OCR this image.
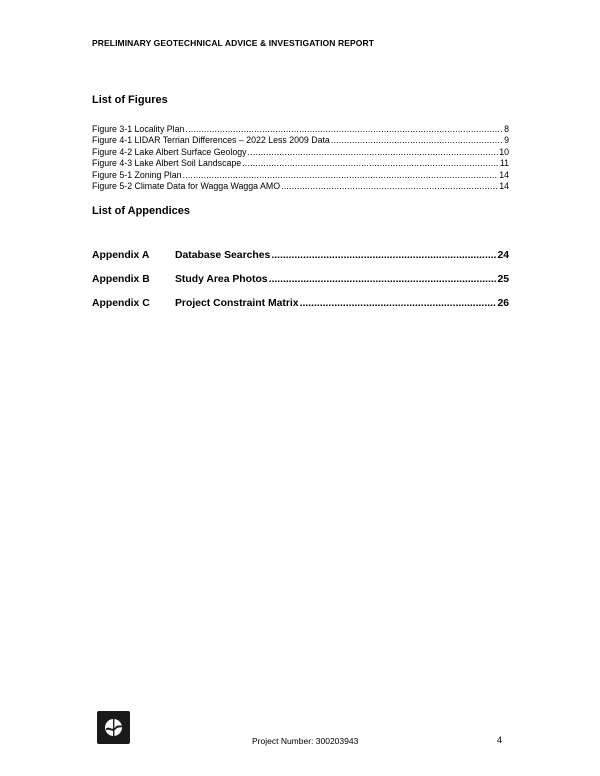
PRELIMINARY GEOTECHNICAL ADVICE & INVESTIGATION REPORT
List of Figures
Figure 3-1 Locality Plan .....	8
Figure 4-1 LIDAR Terrian Differences – 2022 Less 2009 Data .....	9
Figure 4-2 Lake Albert Surface Geology .....	10
Figure 4-3 Lake Albert Soil Landscape .....	11
Figure 5-1 Zoning Plan .....	14
Figure 5-2 Climate Data for Wagga Wagga AMO .....	14
List of Appendices
Appendix A	Database Searches .....	24
Appendix B	Study Area Photos .....	25
Appendix C	Project Constraint Matrix .....	26
Project Number: 300203943	4
